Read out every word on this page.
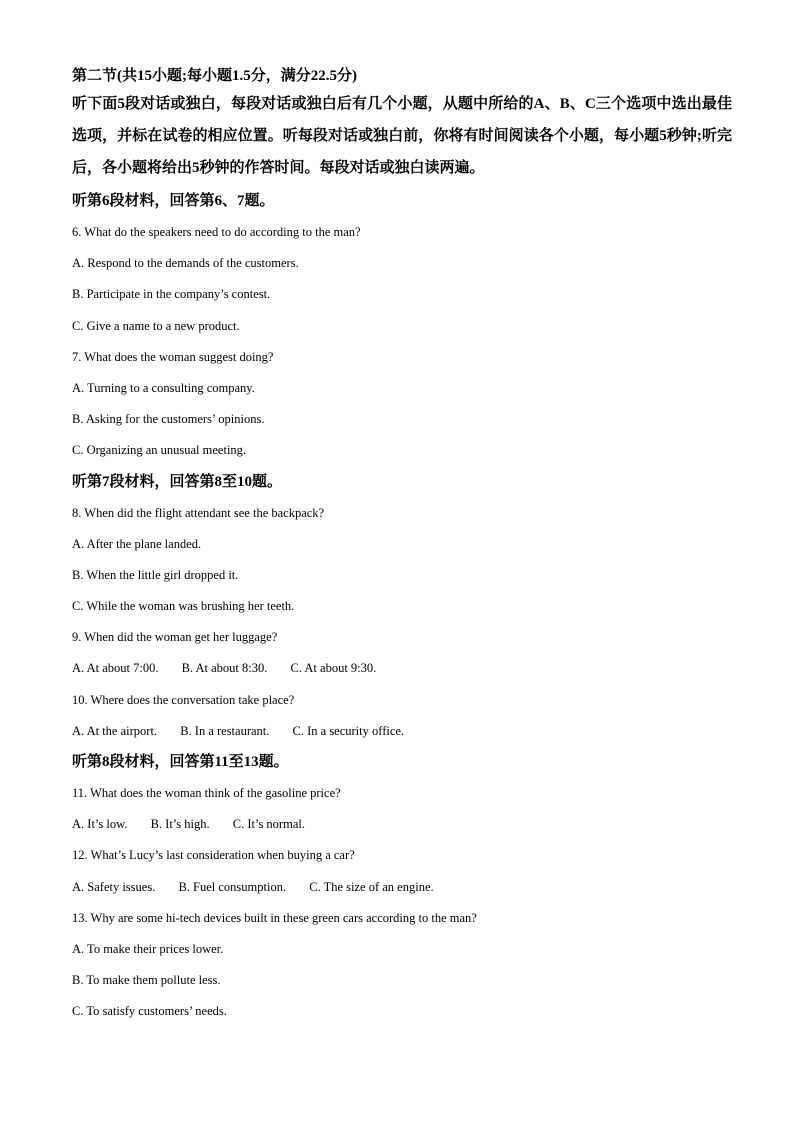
第二节(共15小题;每小题1.5分，满分22.5分)

听下面5段对话或独白，每段对话或独白后有几个小题，从题中所给的A、B、C三个选项中选出最佳选项，并标在试卷的相应位置。听每段对话或独白前，你将有时间阅读各个小题，每小题5秒钟;听完后，各小题将给出5秒钟的作答时间。每段对话或独白读两遍。

听第6段材料，回答第6、7题。

6. What do the speakers need to do according to the man?

A. Respond to the demands of the customers.

B. Participate in the company’s contest.

C. Give a name to a new product.

7. What does the woman suggest doing?

A. Turning to a consulting company.

B. Asking for the customers’ opinions.

C. Organizing an unusual meeting.

听第7段材料，回答第8至10题。

8. When did the flight attendant see the backpack?

A. After the plane landed.

B. When the little girl dropped it.

C. While the woman was brushing her teeth.

9. When did the woman get her luggage?

A. At about 7:00. B. At about 8:30. C. At about 9:30.

10. Where does the conversation take place?

A. At the airport. B. In a restaurant. C. In a security office.

听第8段材料，回答第11至13题。

11. What does the woman think of the gasoline price?

A. It’s low. B. It’s high. C. It’s normal.

12. What’s Lucy’s last consideration when buying a car?

A. Safety issues. B. Fuel consumption. C. The size of an engine.

13. Why are some hi-tech devices built in these green cars according to the man?

A. To make their prices lower.

B. To make them pollute less.

C. To satisfy customers’ needs.
